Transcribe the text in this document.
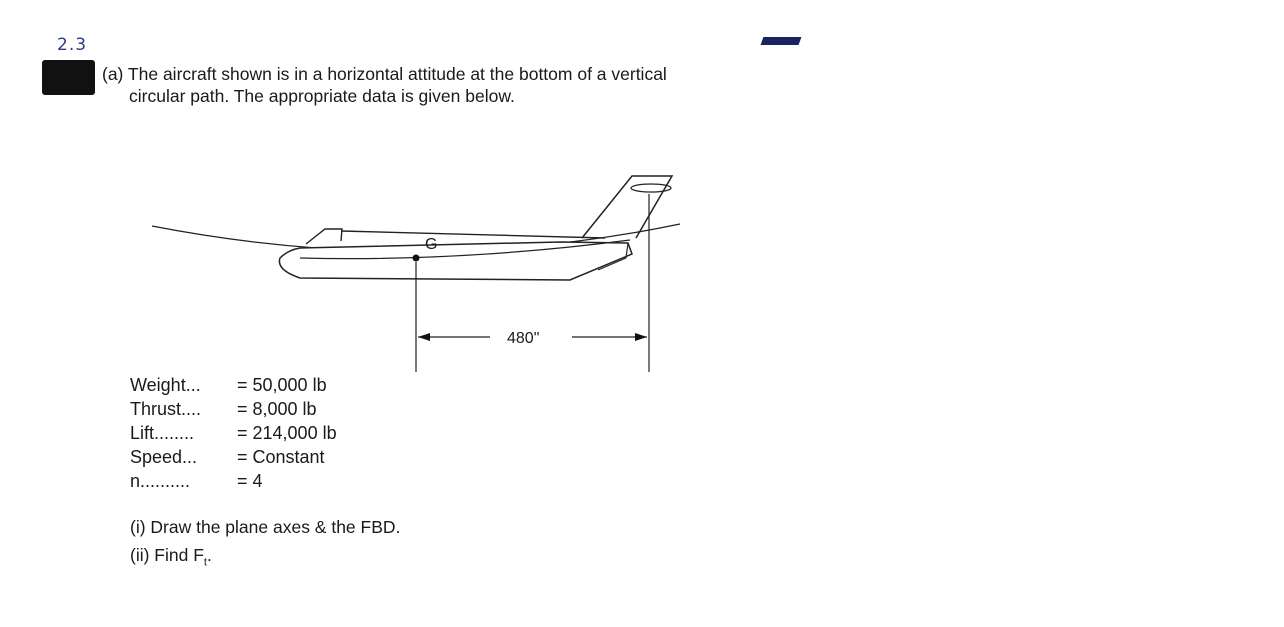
2.3
(a) The aircraft shown is in a horizontal attitude at the bottom of a vertical
circular path. The appropriate data is given below.
G
480"
Weight... = 50,000 lb
Thrust.... = 8,000 lb
Lift........ = 214,000 lb
Speed... = Constant
n..........	= 4
(i) Draw the plane axes & the FBD.
(ii) Find $F_t$.
